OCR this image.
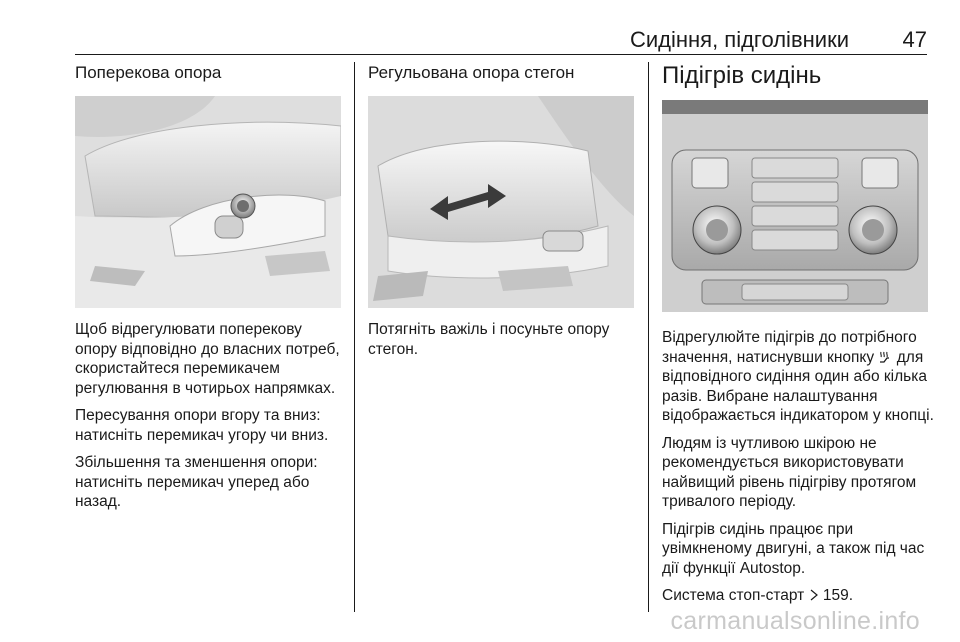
Сидіння, підголівники 47
Поперекова опора

Щоб відрегулювати поперекову опору відповідно до власних потреб, скористайтеся перемикачем регулювання в чотирьох напрямках.

Пересування опори вгору та вниз: натисніть перемикач угору чи вниз.

Збільшення та зменшення опори: натисніть перемикач уперед або назад.

Регульована опора стегон

Потягніть важіль і посуньте опору стегон.

Підігрів сидінь

Відрегулюйте підігрів до потрібного значення, натиснувши кнопку для відповідного сидіння один або кілька разів. Вибране налаштування відображається індикатором у кнопці.

Людям із чутливою шкірою не рекомендується використовувати найвищий рівень підігріву протягом тривалого періоду.

Підігрів сидінь працює при увімкненому двигуні, а також під час дії функції Autostop.

Система стоп-старт 159.

carmanualsonline.info
